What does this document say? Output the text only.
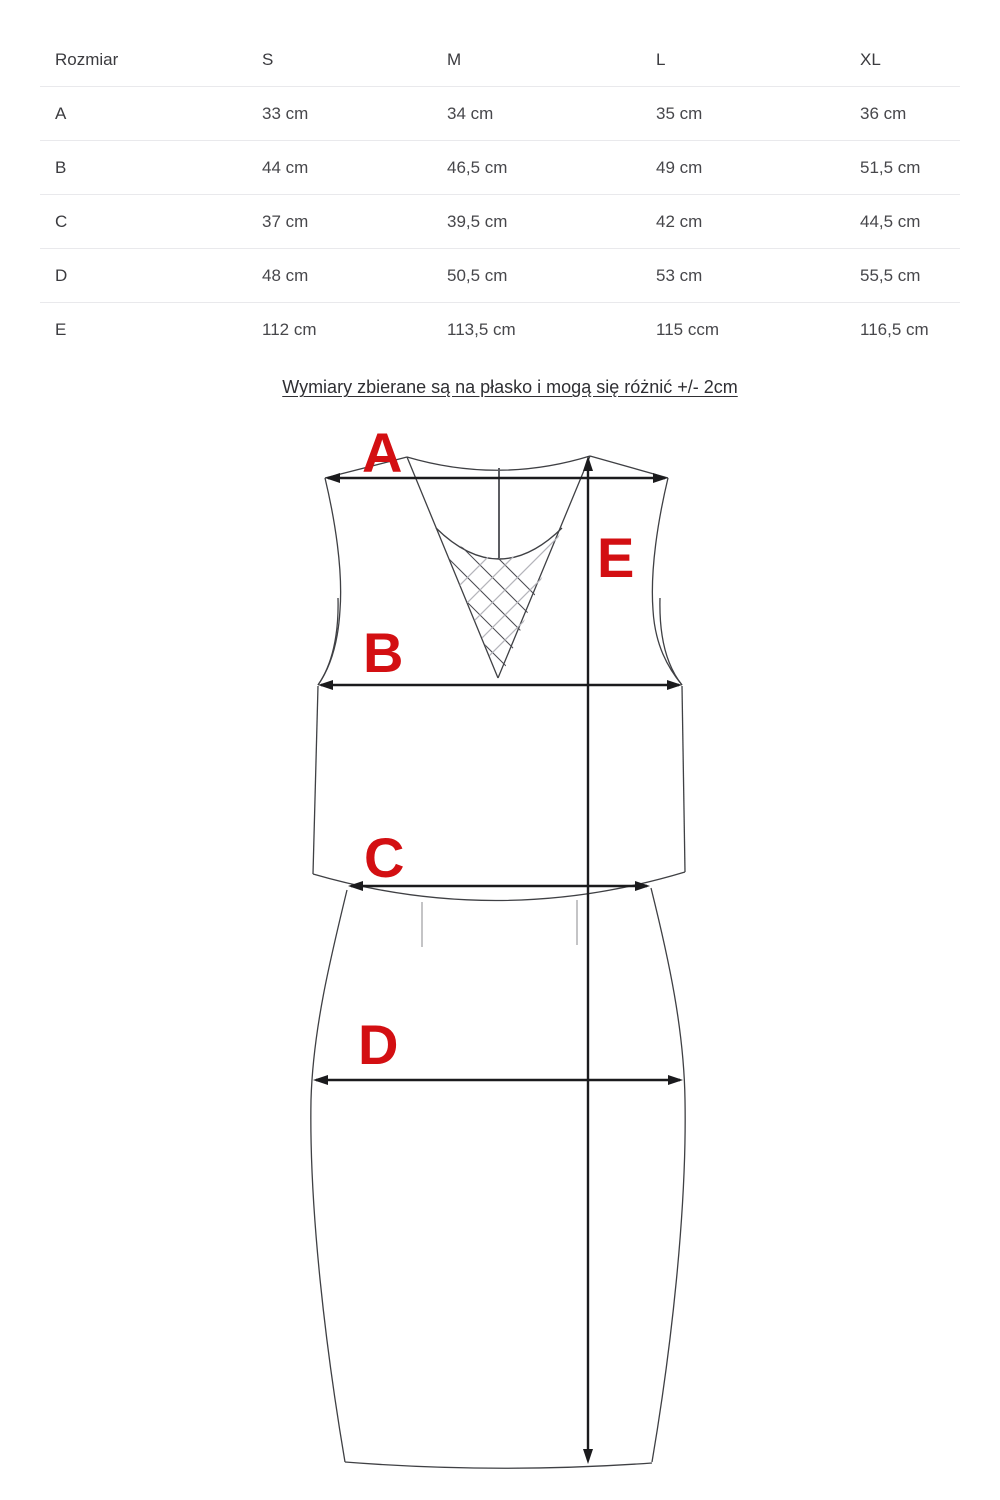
Rozmiar	S	M	L	XL
A	33 cm	34 cm	35 cm	36 cm
B	44 cm	46,5 cm	49 cm	51,5 cm
C	37 cm	39,5 cm	42 cm	44,5 cm
D	48 cm	50,5 cm	53 cm	55,5 cm
E	112 cm	113,5 cm	115 ccm	116,5 cm
Wymiary zbierane są na płasko i mogą się różnić +/- 2cm
A
B
C
D
E
